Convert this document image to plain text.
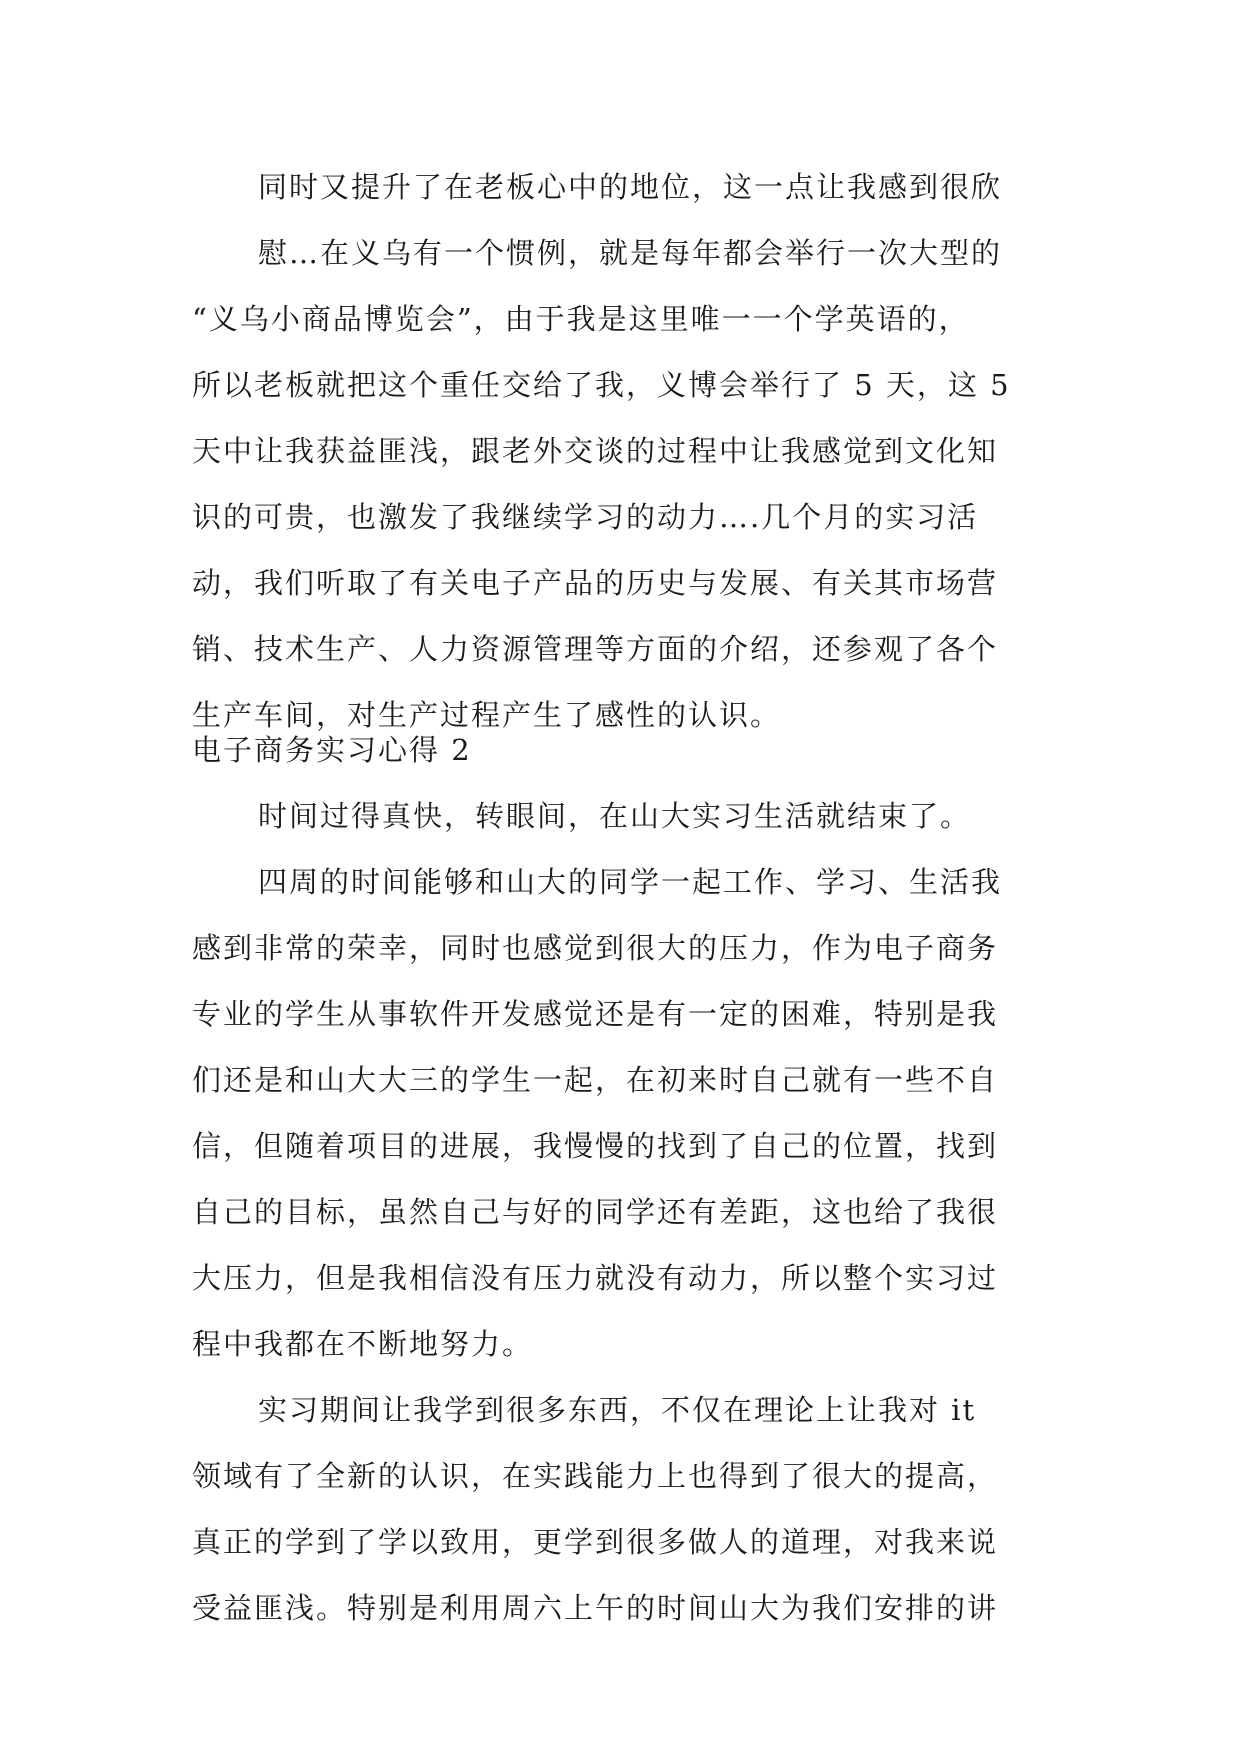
同时又提升了在老板心中的地位，这一点让我感到很欣
慰…在义乌有一个惯例，就是每年都会举行一次大型的
“义乌小商品博览会”，由于我是这里唯一一个学英语的，
所以老板就把这个重任交给了我，义博会举行了 5 天，这 5
天中让我获益匪浅，跟老外交谈的过程中让我感觉到文化知
识的可贵，也激发了我继续学习的动力….几个月的实习活
动，我们听取了有关电子产品的历史与发展、有关其市场营
销、技术生产、人力资源管理等方面的介绍，还参观了各个
生产车间，对生产过程产生了感性的认识。
电子商务实习心得 2
时间过得真快，转眼间，在山大实习生活就结束了。
四周的时间能够和山大的同学一起工作、学习、生活我
感到非常的荣幸，同时也感觉到很大的压力，作为电子商务
专业的学生从事软件开发感觉还是有一定的困难，特别是我
们还是和山大大三的学生一起，在初来时自己就有一些不自
信，但随着项目的进展，我慢慢的找到了自己的位置，找到
自己的目标，虽然自己与好的同学还有差距，这也给了我很
大压力，但是我相信没有压力就没有动力，所以整个实习过
程中我都在不断地努力。
实习期间让我学到很多东西，不仅在理论上让我对 it
领域有了全新的认识，在实践能力上也得到了很大的提高，
真正的学到了学以致用，更学到很多做人的道理，对我来说
受益匪浅。特别是利用周六上午的时间山大为我们安排的讲
